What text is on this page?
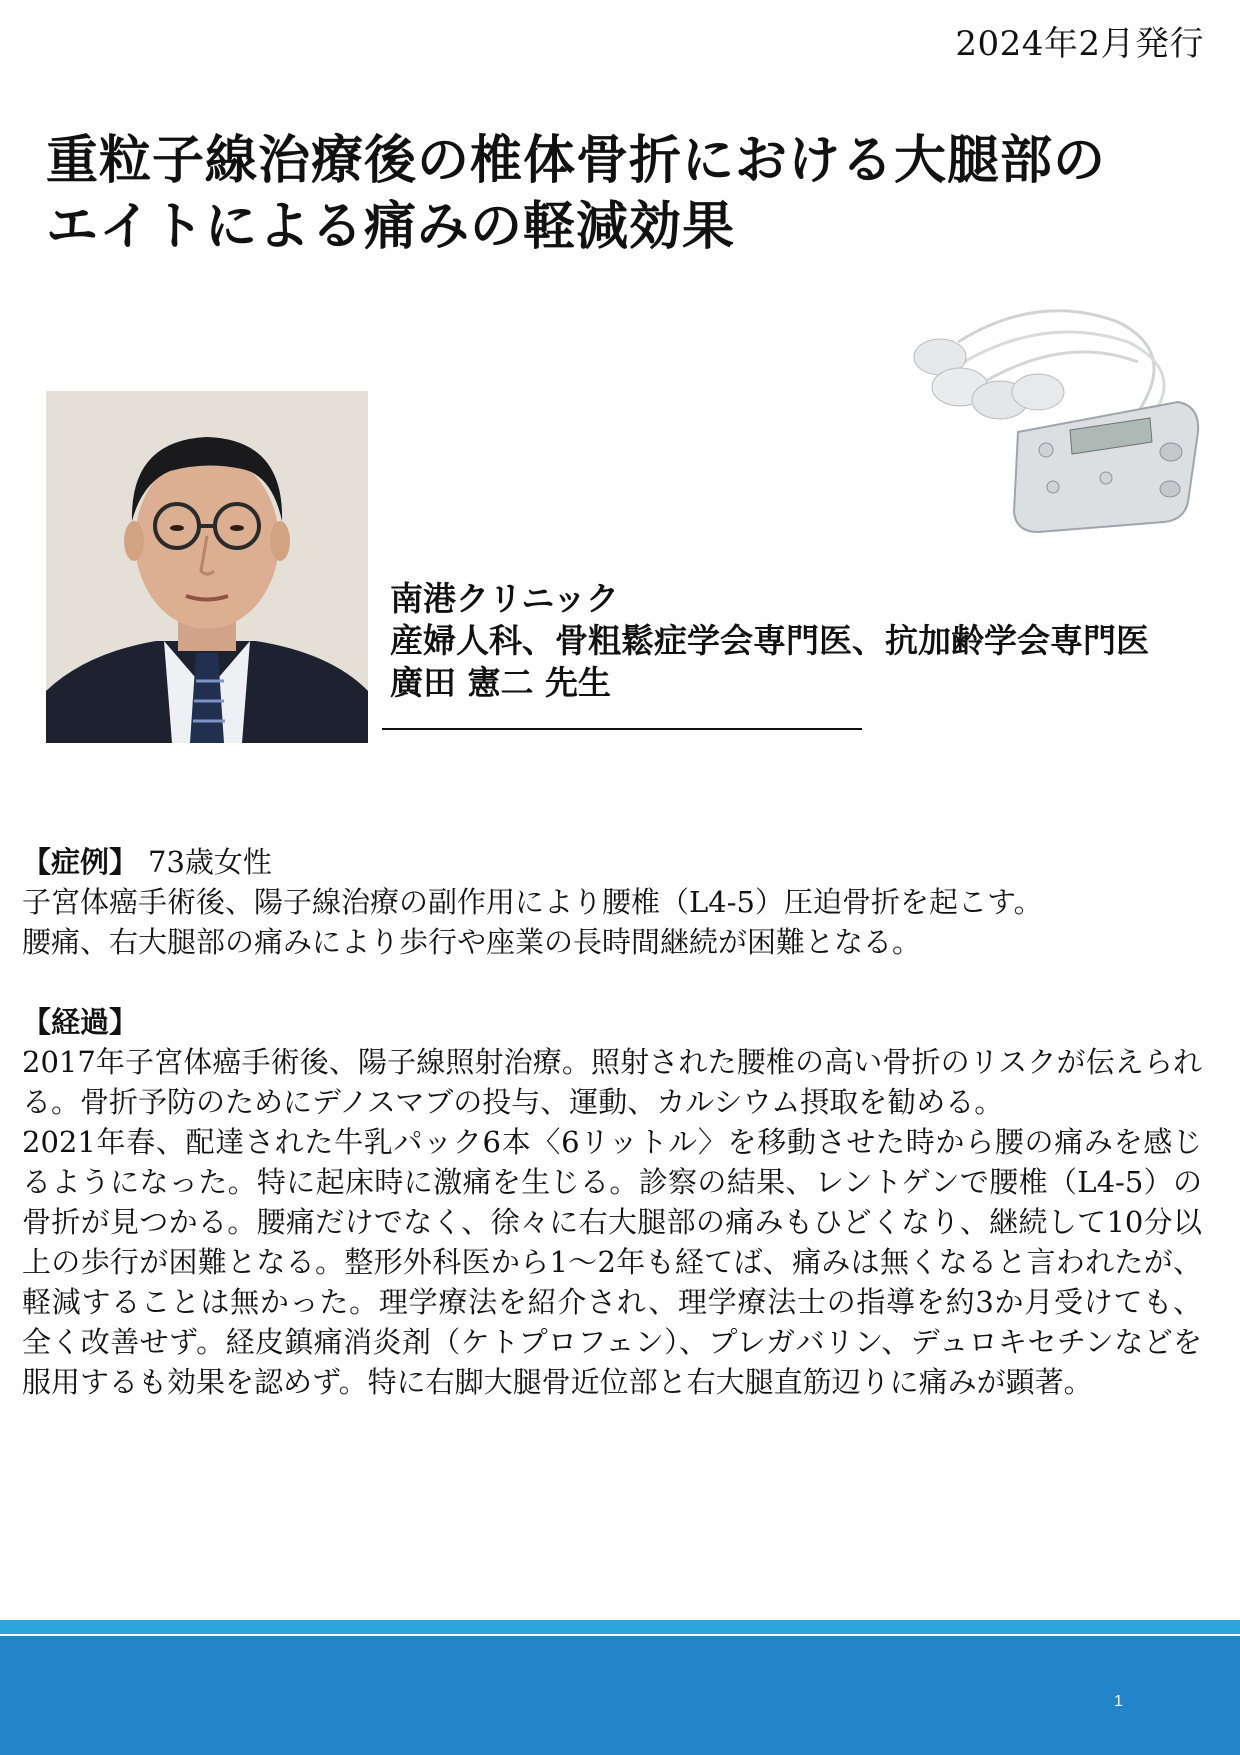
2024年2月発行
重粒子線治療後の椎体骨折における大腿部の
エイトによる痛みの軽減効果
南港クリニック
産婦人科、骨粗鬆症学会専門医、抗加齢学会専門医
廣田 憲二 先生
【症例】 73歳女性
子宮体癌手術後、陽子線治療の副作用により腰椎（L4-5）圧迫骨折を起こす。
腰痛、右大腿部の痛みにより歩行や座業の長時間継続が困難となる。
【経過】

2017年子宮体癌手術後、陽子線照射治療。照射された腰椎の高い骨折のリスクが伝えられる。骨折予防のためにデノスマブの投与、運動、カルシウム摂取を勧める。

2021年春、配達された牛乳パック6本〈6リットル〉を移動させた時から腰の痛みを感じるようになった。特に起床時に激痛を生じる。診察の結果、レントゲンで腰椎（L4-5）の骨折が見つかる。腰痛だけでなく、徐々に右大腿部の痛みもひどくなり、継続して10分以上の歩行が困難となる。整形外科医から1〜2年も経てば、痛みは無くなると言われたが、軽減することは無かった。理学療法を紹介され、理学療法士の指導を約3か月受けても、全く改善せず。経皮鎮痛消炎剤（ケトプロフェン）、プレガバリン、デュロキセチンなどを服用するも効果を認めず。特に右脚大腿骨近位部と右大腿直筋辺りに痛みが顕著。

1
